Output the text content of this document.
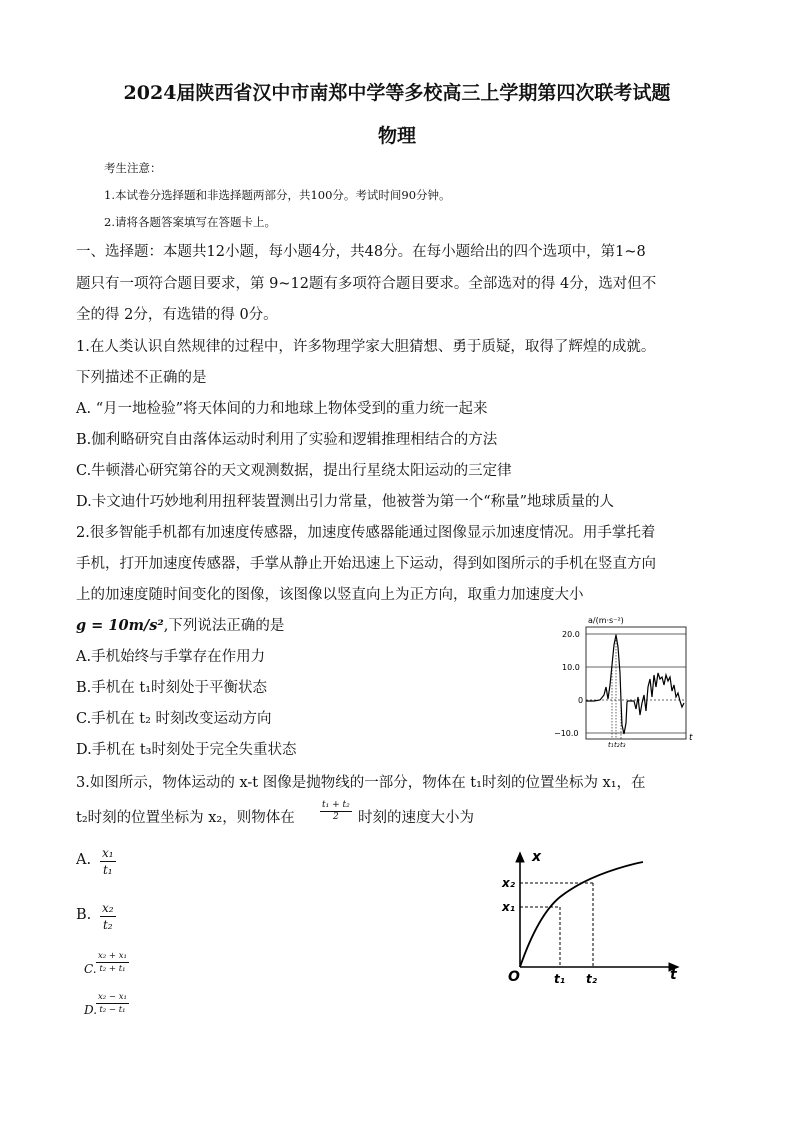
2024届陕西省汉中市南郑中学等多校高三上学期第四次联考试题
物理
考生注意：
1.本试卷分选择题和非选择题两部分，共100分。考试时间90分钟。
2.请将各题答案填写在答题卡上。
一、选择题：本题共12小题，每小题4分，共48分。在每小题给出的四个选项中，第1~8
题只有一项符合题目要求，第 9~12题有多项符合题目要求。全部选对的得 4分，选对但不
全的得 2分，有选错的得 0分。
1.在人类认识自然规律的过程中，许多物理学家大胆猜想、勇于质疑，取得了辉煌的成就。
下列描述不正确的是
A. “月一地检验”将天体间的力和地球上物体受到的重力统一起来
B.伽利略研究自由落体运动时利用了实验和逻辑推理相结合的方法
C.牛顿潜心研究第谷的天文观测数据，提出行星绕太阳运动的三定律
D.卡文迪什巧妙地利用扭秤装置测出引力常量，他被誉为第一个“称量”地球质量的人
2.很多智能手机都有加速度传感器，加速度传感器能通过图像显示加速度情况。用手掌托着
手机，打开加速度传感器，手掌从静止开始迅速上下运动，得到如图所示的手机在竖直方向
上的加速度随时间变化的图像，该图像以竖直向上为正方向，取重力加速度大小
g = 10m/s²,下列说法正确的是
A.手机始终与手掌存在作用力
B.手机在 t₁时刻处于平衡状态
C.手机在 t₂ 时刻改变运动方向
D.手机在 t₃时刻处于完全失重状态
a/(m·s⁻²)
20.0
10.0
0
−10.0	t
t₁ t₂ t₃
3.如图所示，物体运动的 x-t 图像是抛物线的一部分，物体在 t₁时刻的位置坐标为 x₁，在
t₂时刻的位置坐标为 x₂，则物体在	$\frac{\text{t₁ + t₂}}{2}$ 时刻的速度大小为
A. $\frac{\text{x₁}}{\text{t₁}}$
B. $\frac{\text{x₂}}{\text{t₂}}$
C. $\frac{\text{x₂ + x₁}}{\text{t₂ + t₁}}$
D.
$\frac{\text{x₂ − x₁}}{\text{t₂ − t₁}}$
x
t
O	t₁ t₂
x₁
x₂
